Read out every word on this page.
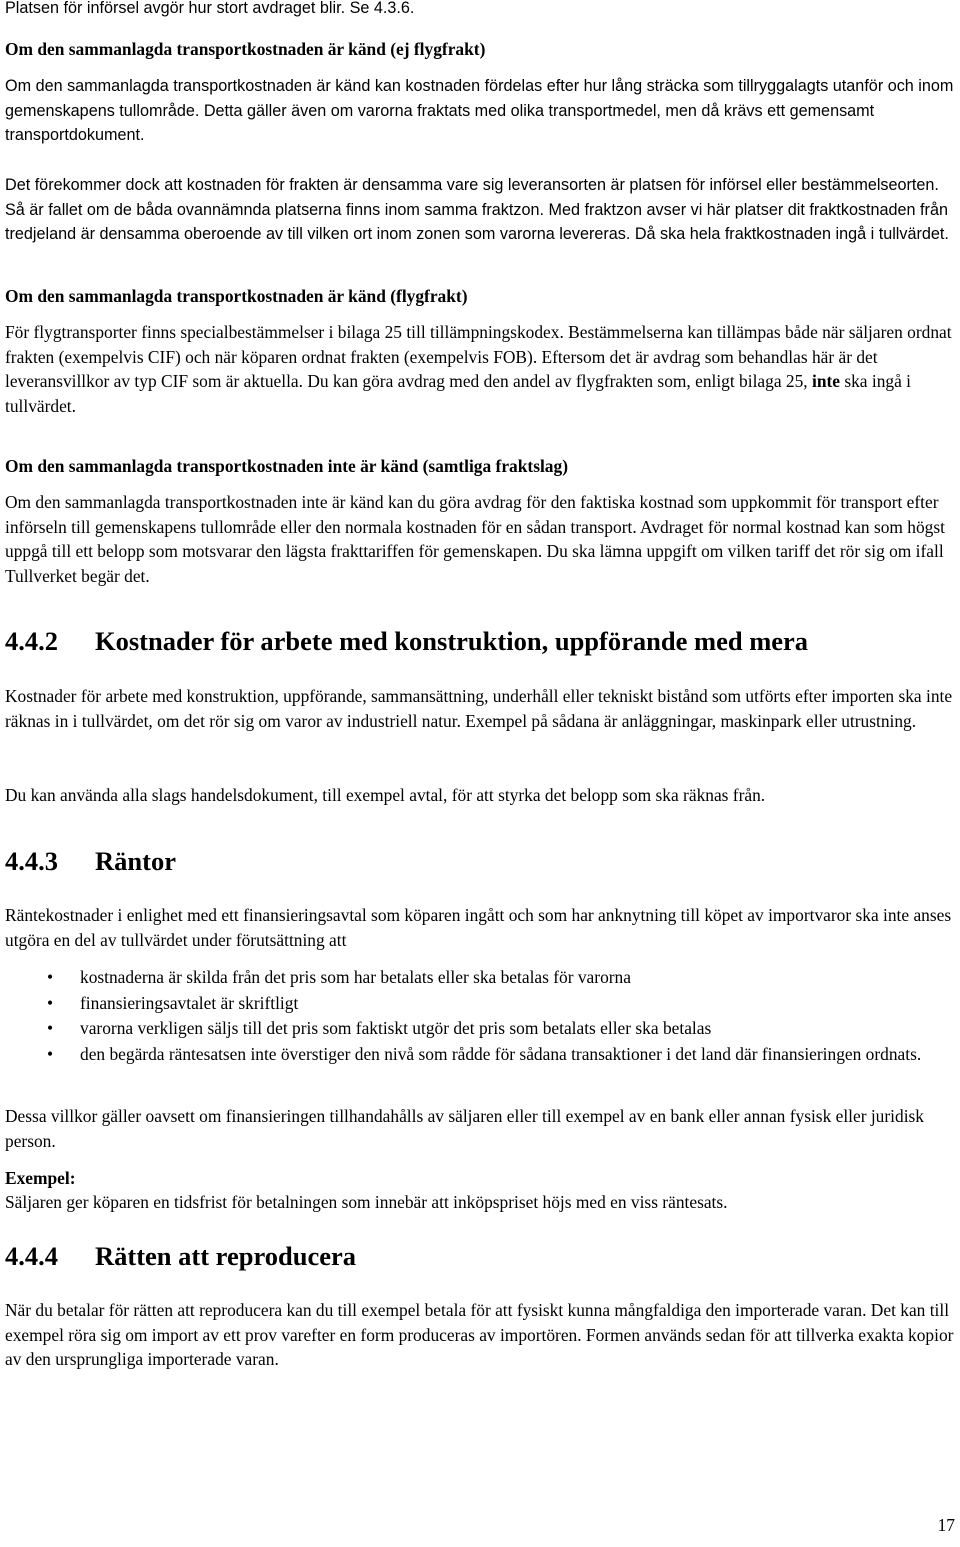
Platsen för införsel avgör hur stort avdraget blir. Se 4.3.6.

Om den sammanlagda transportkostnaden är känd (ej flygfrakt)

Om den sammanlagda transportkostnaden är känd kan kostnaden fördelas efter hur lång sträcka som tillryggalagts utanför och inom gemenskapens tullområde. Detta gäller även om varorna fraktats med olika transportmedel, men då krävs ett gemensamt transportdokument.

Det förekommer dock att kostnaden för frakten är densamma vare sig leveransorten är platsen för införsel eller bestämmelseorten. Så är fallet om de båda ovannämnda platserna finns inom samma fraktzon. Med fraktzon avser vi här platser dit fraktkostnaden från tredjeland är densamma oberoende av till vilken ort inom zonen som varorna levereras. Då ska hela fraktkostnaden ingå i tullvärdet.

Om den sammanlagda transportkostnaden är känd (flygfrakt)

För flygtransporter finns specialbestämmelser i bilaga 25 till tillämpningskodex. Bestämmelserna kan tillämpas både när säljaren ordnat frakten (exempelvis CIF) och när köparen ordnat frakten (exempelvis FOB). Eftersom det är avdrag som behandlas här är det leveransvillkor av typ CIF som är aktuella. Du kan göra avdrag med den andel av flygfrakten som, enligt bilaga 25, inte ska ingå i tullvärdet.

Om den sammanlagda transportkostnaden inte är känd (samtliga fraktslag)

Om den sammanlagda transportkostnaden inte är känd kan du göra avdrag för den faktiska kostnad som uppkommit för transport efter införseln till gemenskapens tullområde eller den normala kostnaden för en sådan transport. Avdraget för normal kostnad kan som högst uppgå till ett belopp som motsvarar den lägsta frakttariffen för gemenskapen. Du ska lämna uppgift om vilken tariff det rör sig om ifall Tullverket begär det.

4.4.2 Kostnader för arbete med konstruktion, uppförande med mera

Kostnader för arbete med konstruktion, uppförande, sammansättning, underhåll eller tekniskt bistånd som utförts efter importen ska inte räknas in i tullvärdet, om det rör sig om varor av industriell natur. Exempel på sådana är anläggningar, maskinpark eller utrustning.

Du kan använda alla slags handelsdokument, till exempel avtal, för att styrka det belopp som ska räknas från.

4.4.3 Räntor

Räntekostnader i enlighet med ett finansieringsavtal som köparen ingått och som har anknytning till köpet av importvaror ska inte anses utgöra en del av tullvärdet under förutsättning att

•	kostnaderna är skilda från det pris som har betalats eller ska betalas för varorna
•	finansieringsavtalet är skriftligt
•	varorna verkligen säljs till det pris som faktiskt utgör det pris som betalats eller ska betalas
•	den begärda räntesatsen inte överstiger den nivå som rådde för sådana transaktioner i det land där finansieringen ordnats.

Dessa villkor gäller oavsett om finansieringen tillhandahålls av säljaren eller till exempel av en bank eller annan fysisk eller juridisk person.

Exempel:

Säljaren ger köparen en tidsfrist för betalningen som innebär att inköpspriset höjs med en viss räntesats.

4.4.4 Rätten att reproducera

När du betalar för rätten att reproducera kan du till exempel betala för att fysiskt kunna mångfaldiga den importerade varan. Det kan till exempel röra sig om import av ett prov varefter en form produceras av importören. Formen används sedan för att tillverka exakta kopior av den ursprungliga importerade varan.

17
